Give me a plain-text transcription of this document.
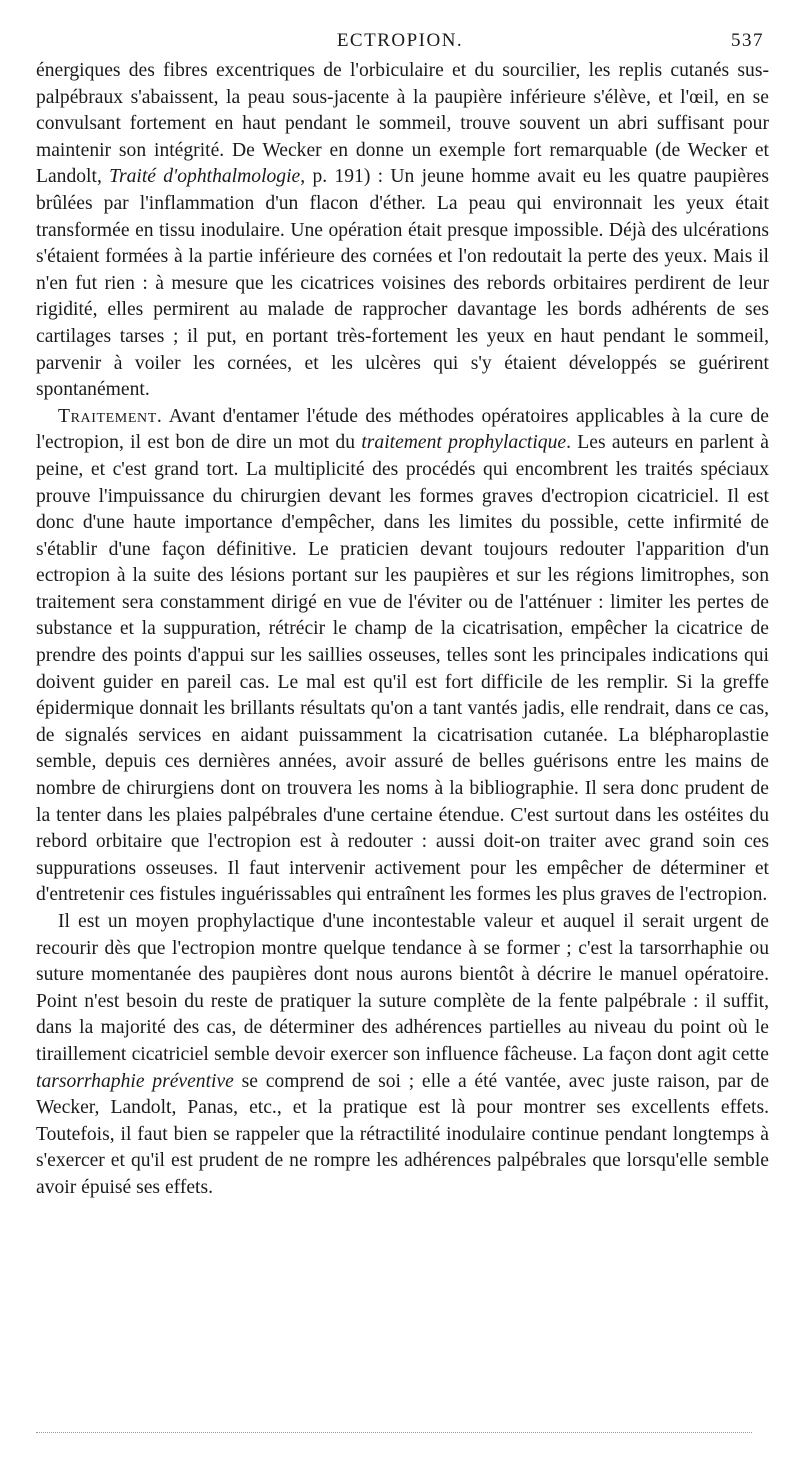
ECTROPION.	537

énergiques des fibres excentriques de l'orbiculaire et du sourcilier, les replis cutanés sus-palpébraux s'abaissent, la peau sous-jacente à la paupière inférieure s'élève, et l'œil, en se convulsant fortement en haut pendant le sommeil, trouve souvent un abri suffisant pour maintenir son intégrité. De Wecker en donne un exemple fort remarquable (de Wecker et Landolt, Traité d'ophthalmologie, p. 191) : Un jeune homme avait eu les quatre paupières brûlées par l'inflammation d'un flacon d'éther. La peau qui environnait les yeux était transformée en tissu inodulaire. Une opération était presque impossible. Déjà des ulcérations s'étaient formées à la partie inférieure des cornées et l'on redoutait la perte des yeux. Mais il n'en fut rien : à mesure que les cicatrices voisines des rebords orbitaires perdirent de leur rigidité, elles permirent au malade de rapprocher davantage les bords adhérents de ses cartilages tarses ; il put, en portant très-fortement les yeux en haut pendant le sommeil, parvenir à voiler les cornées, et les ulcères qui s'y étaient développés se guérirent spontanément.

Traitement. Avant d'entamer l'étude des méthodes opératoires applicables à la cure de l'ectropion, il est bon de dire un mot du traitement prophylactique. Les auteurs en parlent à peine, et c'est grand tort. La multiplicité des procédés qui encombrent les traités spéciaux prouve l'impuissance du chirurgien devant les formes graves d'ectropion cicatriciel. Il est donc d'une haute importance d'empêcher, dans les limites du possible, cette infirmité de s'établir d'une façon définitive. Le praticien devant toujours redouter l'apparition d'un ectropion à la suite des lésions portant sur les paupières et sur les régions limitrophes, son traitement sera constamment dirigé en vue de l'éviter ou de l'atténuer : limiter les pertes de substance et la suppuration, rétrécir le champ de la cicatrisation, empêcher la cicatrice de prendre des points d'appui sur les saillies osseuses, telles sont les principales indications qui doivent guider en pareil cas. Le mal est qu'il est fort difficile de les remplir. Si la greffe épidermique donnait les brillants résultats qu'on a tant vantés jadis, elle rendrait, dans ce cas, de signalés services en aidant puissamment la cicatrisation cutanée. La blépharoplastie semble, depuis ces dernières années, avoir assuré de belles guérisons entre les mains de nombre de chirurgiens dont on trouvera les noms à la bibliographie. Il sera donc prudent de la tenter dans les plaies palpébrales d'une certaine étendue. C'est surtout dans les ostéites du rebord orbitaire que l'ectropion est à redouter : aussi doit-on traiter avec grand soin ces suppurations osseuses. Il faut intervenir activement pour les empêcher de déterminer et d'entretenir ces fistules inguérissables qui entraînent les formes les plus graves de l'ectropion.

Il est un moyen prophylactique d'une incontestable valeur et auquel il serait urgent de recourir dès que l'ectropion montre quelque tendance à se former ; c'est la tarsorrhaphie ou suture momentanée des paupières dont nous aurons bientôt à décrire le manuel opératoire. Point n'est besoin du reste de pratiquer la suture complète de la fente palpébrale : il suffit, dans la majorité des cas, de déterminer des adhérences partielles au niveau du point où le tiraillement cicatriciel semble devoir exercer son influence fâcheuse. La façon dont agit cette tarsorrhaphie préventive se comprend de soi ; elle a été vantée, avec juste raison, par de Wecker, Landolt, Panas, etc., et la pratique est là pour montrer ses excellents effets. Toutefois, il faut bien se rappeler que la rétractilité inodulaire continue pendant longtemps à s'exercer et qu'il est prudent de ne rompre les adhérences palpébrales que lorsqu'elle semble avoir épuisé ses effets.
